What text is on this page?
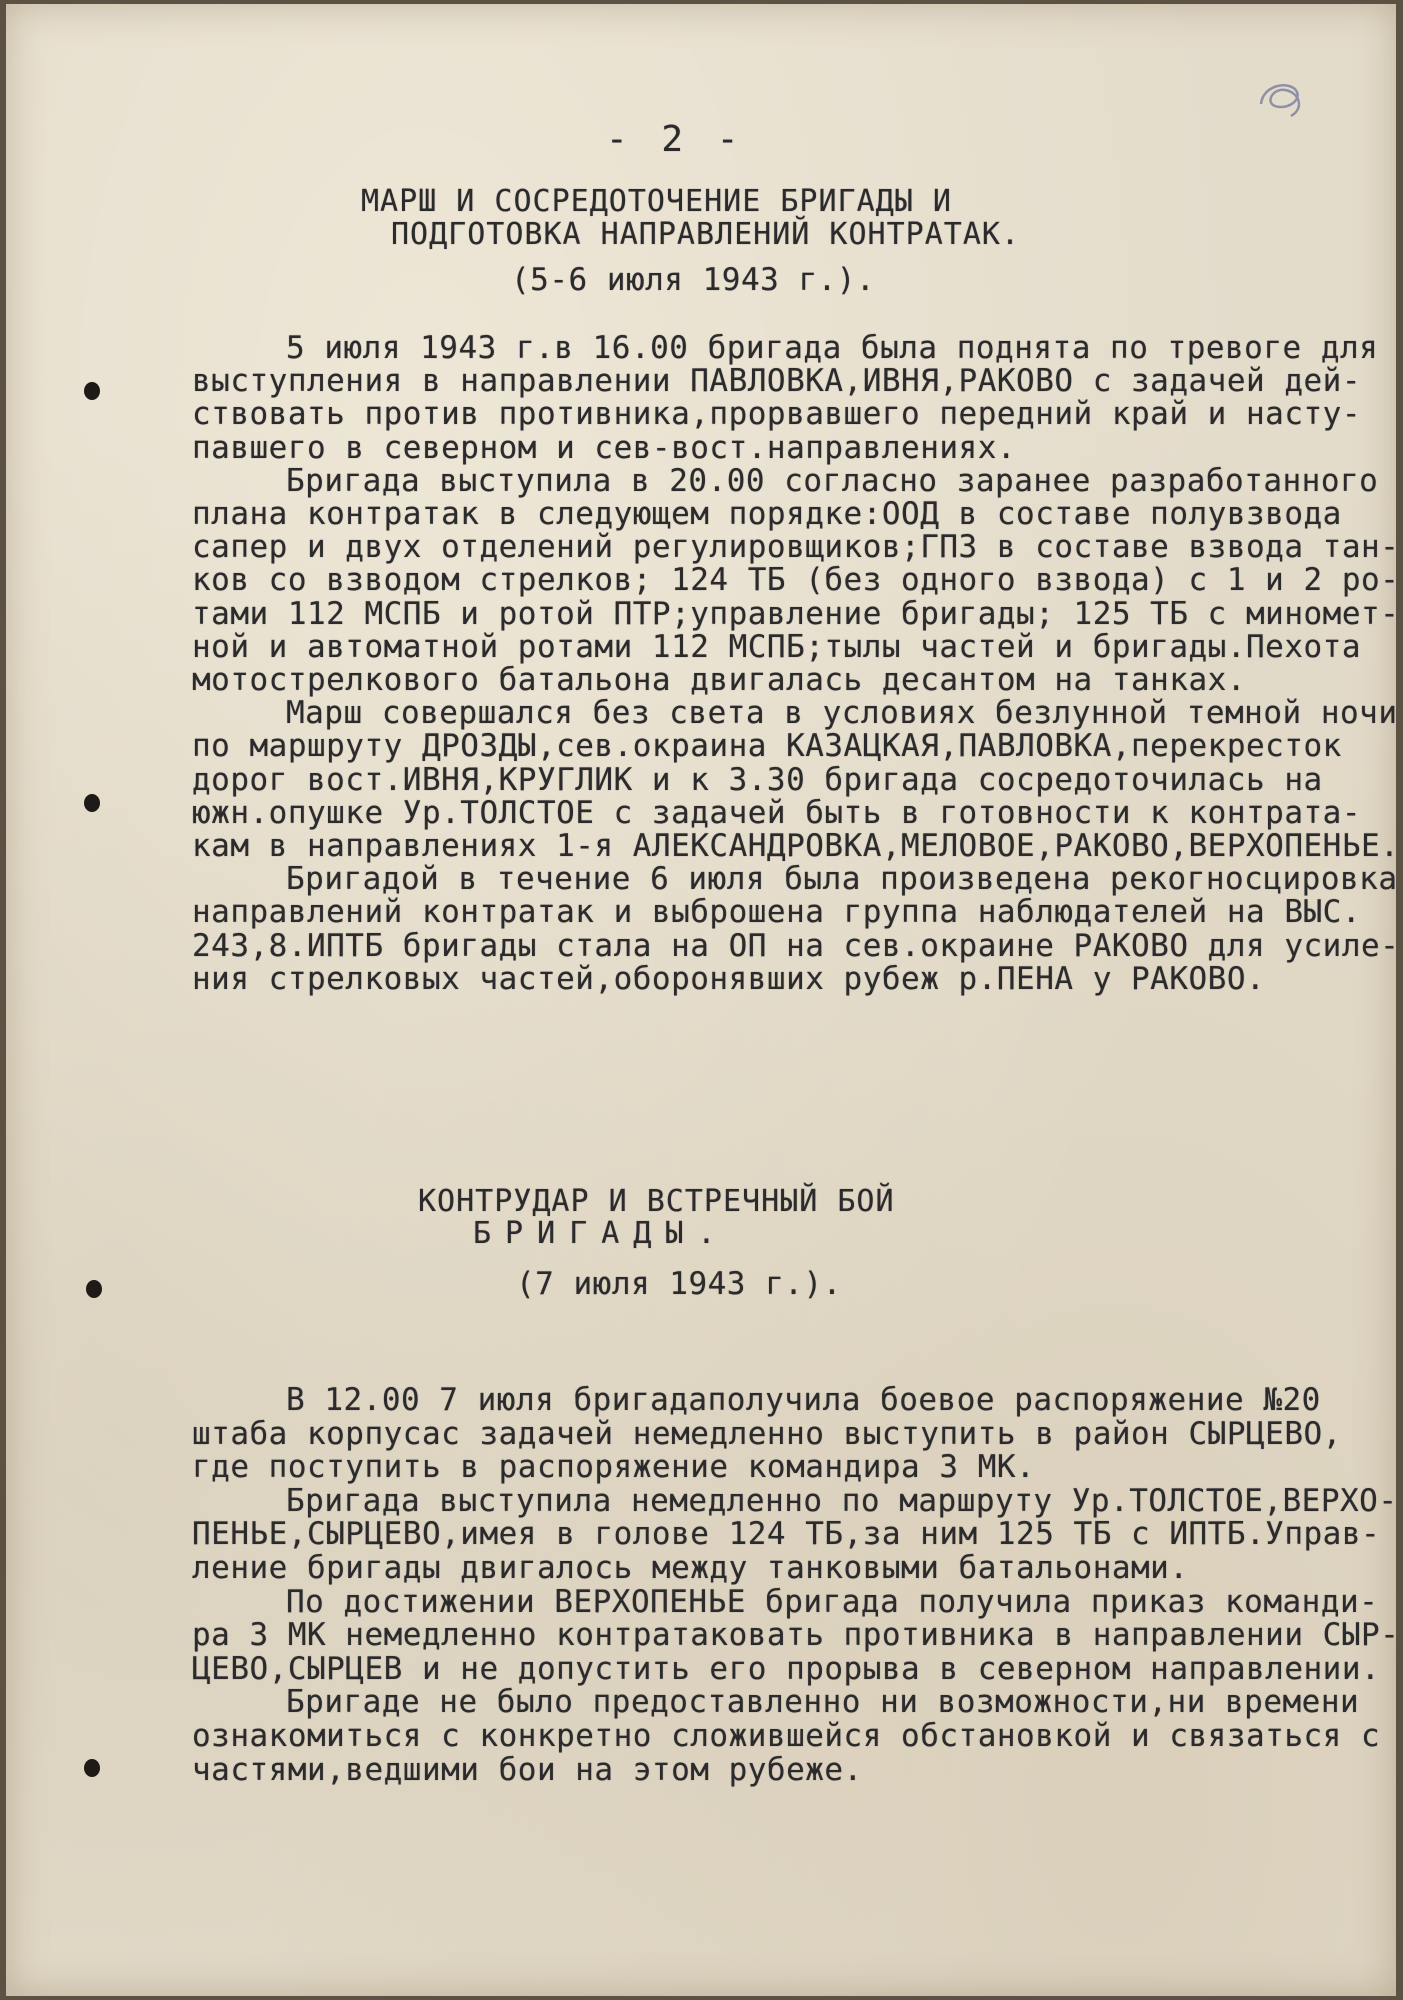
- 2 -
МАРШ И СОСРЕДОТОЧЕНИЕ БРИГАДЫ И
ПОДГОТОВКА НАПРАВЛЕНИЙ КОНТРАТАК.
(5-6 июля 1943 г.).
5 июля 1943 г.в 16.00 бригада была поднята по тревоге для
выступления в направлении ПАВЛОВКА,ИВНЯ,РАКОВО с задачей дей-
ствовать против противника,прорвавшего передний край и насту-
павшего в северном и сев-вост.направлениях.
Бригада выступила в 20.00 согласно заранее разработанного
плана контратак в следующем порядке:ООД в составе полувзвода
сапер и двух отделений регулировщиков;ГПЗ в составе взвода тан-
ков со взводом стрелков; 124 ТБ (без одного взвода) с 1 и 2 ро-
тами 112 МСПБ и ротой ПТР;управление бригады; 125 ТБ с миномет-
ной и автоматной ротами 112 МСПБ;тылы частей и бригады.Пехота
мотострелкового батальона двигалась десантом на танках.
Марш совершался без света в условиях безлунной темной ночи
по маршруту ДРОЗДЫ,сев.окраина КАЗАЦКАЯ,ПАВЛОВКА,перекресток
дорог вост.ИВНЯ,КРУГЛИК и к 3.30 бригада сосредоточилась на
южн.опушке Ур.ТОЛСТОЕ с задачей быть в готовности к контрата-
кам в направлениях 1-я АЛЕКСАНДРОВКА,МЕЛОВОЕ,РАКОВО,ВЕРХОПЕНЬЕ.
Бригадой в течение 6 июля была произведена рекогносцировка
направлений контратак и выброшена группа наблюдателей на ВЫС.
243,8.ИПТБ бригады стала на ОП на сев.окраине РАКОВО для усиле-
ния стрелковых частей,оборонявших рубеж р.ПЕНА у РАКОВО.
КОНТРУДАР И ВСТРЕЧНЫЙ БОЙ
БРИГАДЫ.
(7 июля 1943 г.).
В 12.00 7 июля бригадаполучила боевое распоряжение №20
штаба корпусас задачей немедленно выступить в район СЫРЦЕВО,
где поступить в распоряжение командира 3 МК.
Бригада выступила немедленно по маршруту Ур.ТОЛСТОЕ,ВЕРХО-
ПЕНЬЕ,СЫРЦЕВО,имея в голове 124 ТБ,за ним 125 ТБ с ИПТБ.Управ-
ление бригады двигалось между танковыми батальонами.
По достижении ВЕРХОПЕНЬЕ бригада получила приказ команди-
ра 3 МК немедленно контратаковать противника в направлении СЫР-
ЦЕВО,СЫРЦЕВ и не допустить его прорыва в северном направлении.
Бригаде не было предоставленно ни возможности,ни времени
ознакомиться с конкретно сложившейся обстановкой и связаться с
частями,ведшими бои на этом рубеже.
